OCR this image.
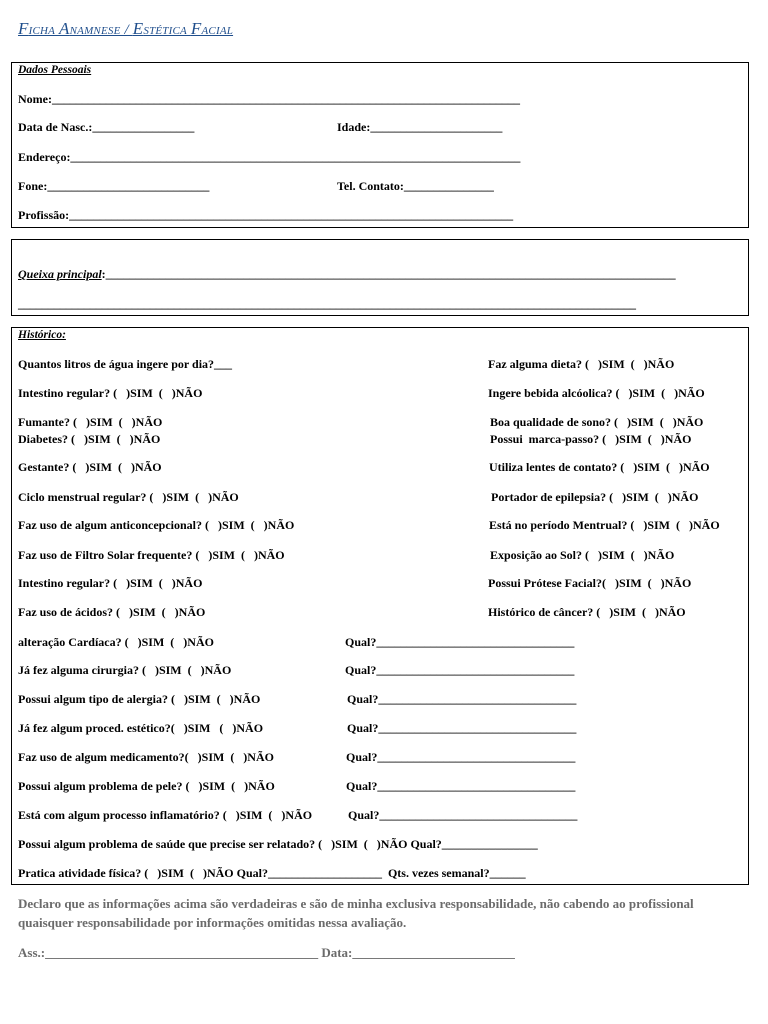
Ficha Anamnese / Estética Facial
Dados Pessoais
Nome:______________________________________________________________________________
Data de Nasc.:_________________	Idade:______________________
Endereço:___________________________________________________________________________
Fone:___________________________	Tel. Contato:_______________
Profissão:__________________________________________________________________________
Queixa principal:_______________________________________________________________________________________________
_______________________________________________________________________________________________________
Histórico:
Quantos litros de água ingere por dia?___
Intestino regular? (   )SIM  (   )NÃO
Fumante? (   )SIM  (   )NÃO
Diabetes? (   )SIM  (   )NÃO
Gestante? (   )SIM  (   )NÃO
Ciclo menstrual regular? (   )SIM  (   )NÃO
Faz uso de algum anticoncepcional? (   )SIM  (   )NÃO
Faz uso de Filtro Solar frequente? (   )SIM  (   )NÃO
Intestino regular? (   )SIM  (   )NÃO
Faz uso de ácidos? (   )SIM  (   )NÃO
alteração Cardíaca? (   )SIM  (   )NÃO
Já fez alguma cirurgia? (   )SIM  (   )NÃO
Possui algum tipo de alergia? (   )SIM  (   )NÃO
Já fez algum proced. estético?(   )SIM   (   )NÃO
Faz uso de algum medicamento?(   )SIM  (   )NÃO
Possui algum problema de pele? (   )SIM  (   )NÃO
Está com algum processo inflamatório? (   )SIM  (   )NÃO
Possui algum problema de saúde que precise ser relatado? (   )SIM  (   )NÃO Qual?________________
Pratica atividade física? (   )SIM  (   )NÃO Qual?___________________  Qts. vezes semanal?______
Faz alguma dieta? (   )SIM  (   )NÃO
Ingere bebida alcóolica? (   )SIM  (   )NÃO
Boa qualidade de sono? (   )SIM  (   )NÃO
Possui  marca-passo? (   )SIM  (   )NÃO
Utiliza lentes de contato? (   )SIM  (   )NÃO
Portador de epilepsia? (   )SIM  (   )NÃO
Está no período Mentrual? (   )SIM  (   )NÃO
Exposição ao Sol? (   )SIM  (   )NÃO
Possui Prótese Facial?(   )SIM  (   )NÃO
Histórico de câncer? (   )SIM  (   )NÃO
Qual?_________________________________
Qual?_________________________________
Qual?_________________________________
Qual?_________________________________
Qual?_________________________________
Qual?_________________________________
Qual?_________________________________
Declaro que as informações acima são verdadeiras e são de minha exclusiva responsabilidade, não cabendo ao profissional quaisquer responsabilidade por informações omitidas nessa avaliação.
Ass.:__________________________________________ Data:_________________________
